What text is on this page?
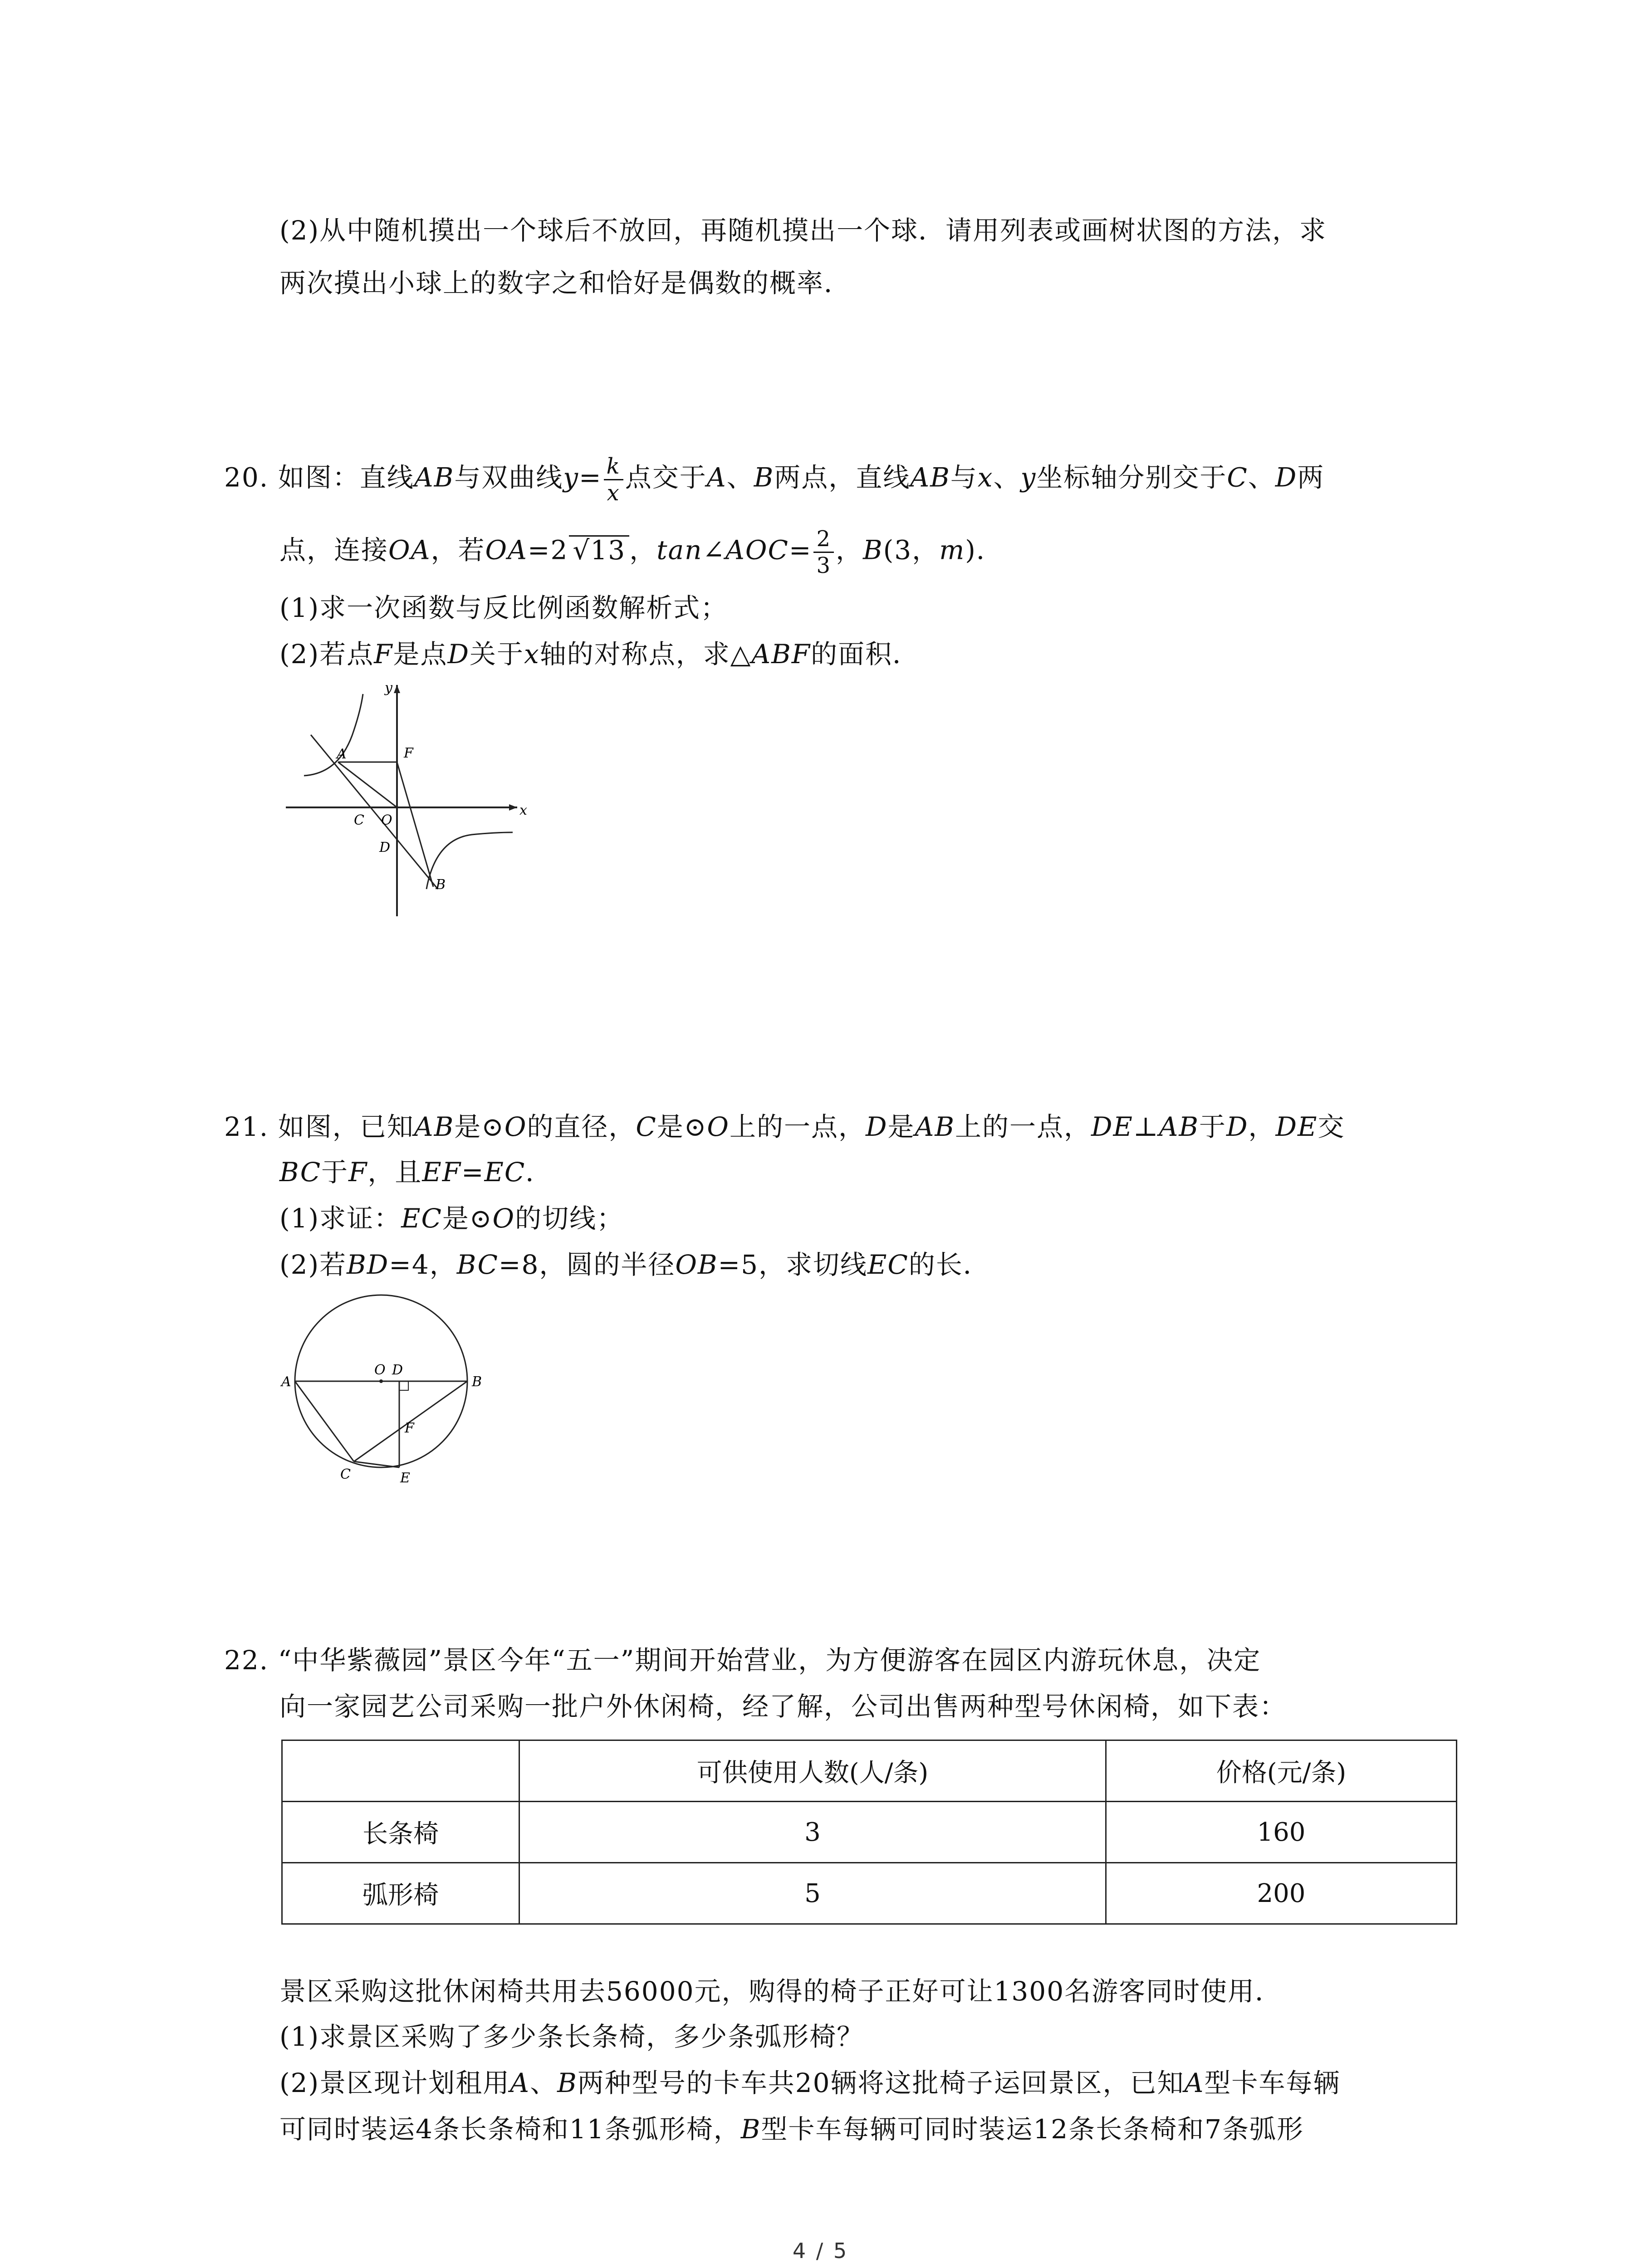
(2)从中随机摸出一个球后不放回，再随机摸出一个球．请用列表或画树状图的方法，求
两次摸出小球上的数字之和恰好是偶数的概率．
20. 如图：直线AB与双曲线$y= \frac{k}{x}$ 点交于A、B两点，直线AB与x、y坐标轴分别交于C、D两
点，连接OA，若OA=2 √13 ，tan∠AOC= $\frac{2}{3}$ ，B(3，m)．
(1)求一次函数与反比例函数解析式；
(2)若点F是点D关于x轴的对称点，求△ABF的面积．
y
x
A	F
C O
D
B
21. 如图，已知AB是⊙O的直径，C是⊙O上的一点，D是AB上的一点，DE⊥AB于D，DE交
BC于F，且EF=EC．
(1)求证：EC是⊙O的切线；
(2)若BD=4，BC=8，圆的半径OB=5，求切线EC的长．
A
O D
B
F
C	E
22. “中华紫薇园”景区今年“五一”期间开始营业，为方便游客在园区内游玩休息，决定
向一家园艺公司采购一批户外休闲椅，经了解，公司出售两种型号休闲椅，如下表：
	可供使用人数(人/条)	价格(元/条)
长条椅	3	160
弧形椅	5	200
景区采购这批休闲椅共用去56000元，购得的椅子正好可让1300名游客同时使用．
(1)求景区采购了多少条长条椅，多少条弧形椅？
(2)景区现计划租用A、B两种型号的卡车共20辆将这批椅子运回景区，已知A型卡车每辆
可同时装运4条长条椅和11条弧形椅，B型卡车每辆可同时装运12条长条椅和7条弧形
4 / 5
